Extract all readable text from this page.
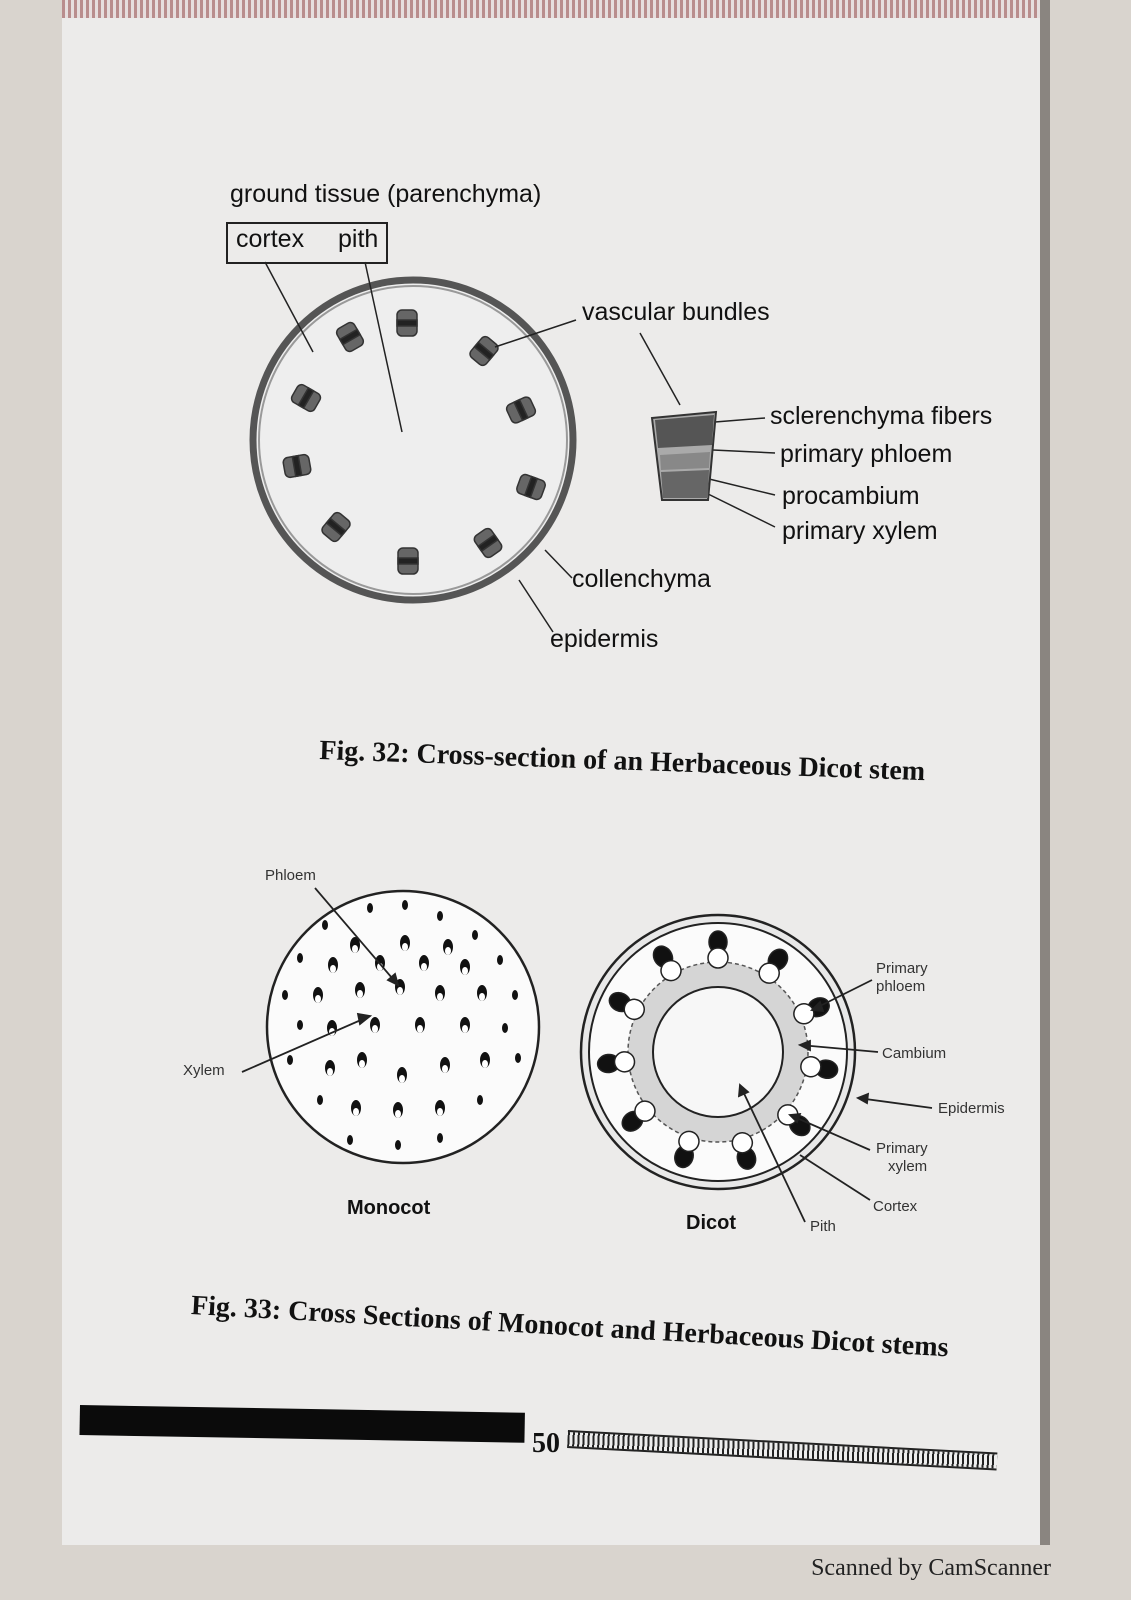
ground tissue (parenchyma)
cortex pith
vascular bundles
sclerenchyma fibers
primary phloem
procambium
primary xylem
collenchyma
epidermis
Fig. 32: Cross-section of an Herbaceous Dicot stem
Phloem
Xylem
Monocot
Primary
phloem
Cambium
Epidermis
Primary
xylem
Cortex
Pith
Dicot
Fig. 33: Cross Sections of Monocot and Herbaceous Dicot stems
50
Scanned by CamScanner
